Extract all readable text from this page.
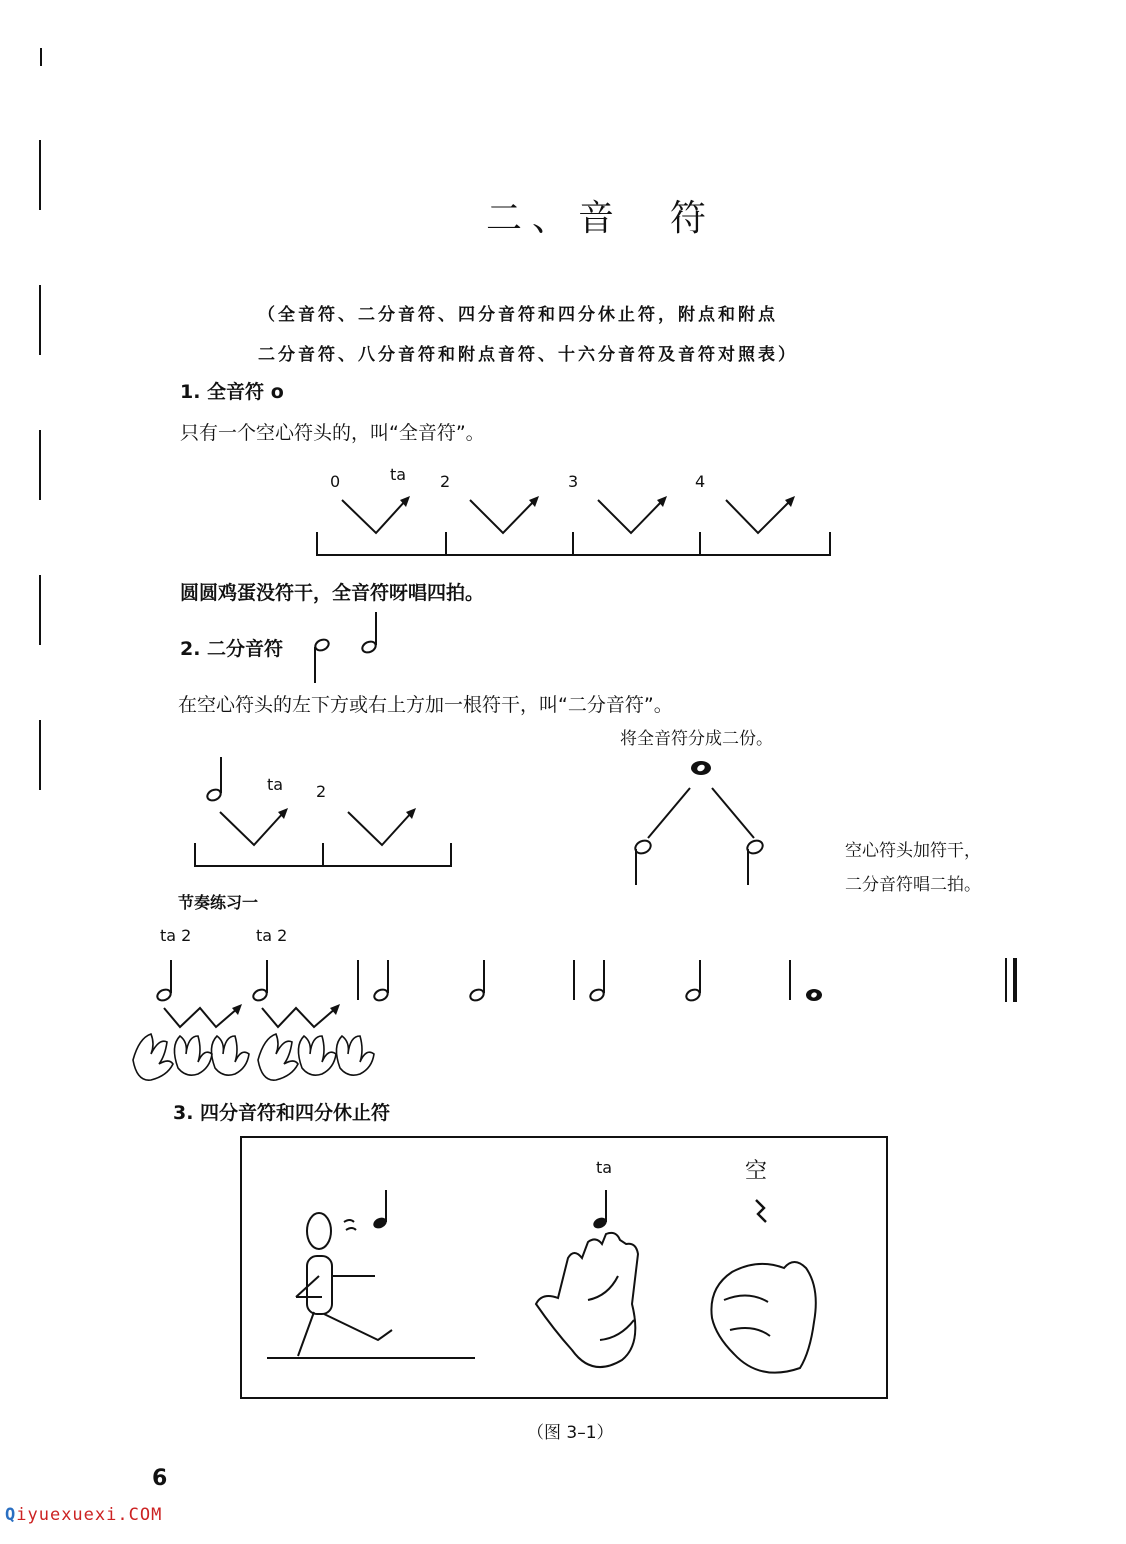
二、音　符
（全音符、二分音符、四分音符和四分休止符，附点和附点
二分音符、八分音符和附点音符、十六分音符及音符对照表）
1. 全音符 o
只有一个空心符头的，叫“全音符”。
0	ta 2	3	4
圆圆鸡蛋没符干，全音符呀唱四拍。
2. 二分音符
在空心符头的左下方或右上方加一根符干，叫“二分音符”。
将全音符分成二份。
ta 2
空心符头加符干，
二分音符唱二拍。
节奏练习一
ta 2	ta 2
3. 四分音符和四分休止符
ta	空
（图 3–1）
6
Qiyuexuexi.COM
